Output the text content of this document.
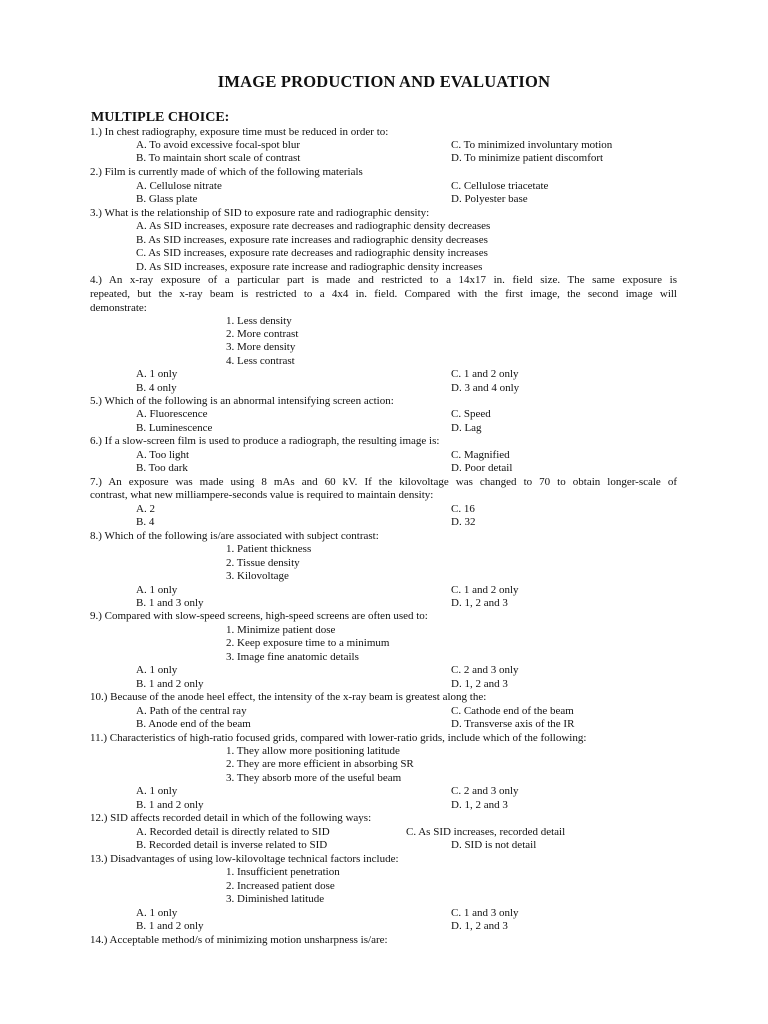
IMAGE PRODUCTION AND EVALUATION
MULTIPLE CHOICE:
1.) In chest radiography, exposure time must be reduced in order to:
A. To avoid excessive focal-spot blur	C. To minimized involuntary motion
B. To maintain short scale of contrast	D. To minimize patient discomfort
2.) Film is currently made of which of the following materials
A. Cellulose nitrate	C. Cellulose triacetate
B. Glass plate	D. Polyester base
3.) What is the relationship of SID to exposure rate and radiographic density:
A. As SID increases, exposure rate decreases and radiographic density decreases
B. As SID increases, exposure rate increases and radiographic density decreases
C. As SID increases, exposure rate decreases and radiographic density increases
D. As SID increases, exposure rate increase and radiographic density increases
4.) An x-ray exposure of a particular part is made and restricted to a 14x17 in. field size. The same exposure is
repeated, but the x-ray beam is restricted to a 4x4 in. field. Compared with the first image, the second image will
demonstrate:
1. Less density
2. More contrast
3. More density
4. Less contrast
A. 1 only	C. 1 and 2 only
B. 4 only	D. 3 and 4 only
5.) Which of the following is an abnormal intensifying screen action:
A. Fluorescence	C. Speed
B. Luminescence	D. Lag
6.) If a slow-screen film is used to produce a radiograph, the resulting image is:
A. Too light	C. Magnified
B. Too dark	D. Poor detail
7.) An exposure was made using 8 mAs and 60 kV. If the kilovoltage was changed to 70 to obtain longer-scale of
contrast, what new milliampere-seconds value is required to maintain density:
A. 2	C. 16
B. 4	D. 32
8.) Which of the following is/are associated with subject contrast:
1. Patient thickness
2. Tissue density
3. Kilovoltage
A. 1 only	C. 1 and 2 only
B. 1 and 3 only	D. 1, 2 and 3
9.) Compared with slow-speed screens, high-speed screens are often used to:
1. Minimize patient dose
2. Keep exposure time to a minimum
3. Image fine anatomic details
A. 1 only	C. 2 and 3 only
B. 1 and 2 only	D. 1, 2 and 3
10.) Because of the anode heel effect, the intensity of the x-ray beam is greatest along the:
A. Path of the central ray	C. Cathode end of the beam
B. Anode end of the beam	D. Transverse axis of the IR
11.) Characteristics of high-ratio focused grids, compared with lower-ratio grids, include which of the following:
1. They allow more positioning latitude
2. They are more efficient in absorbing SR
3. They absorb more of the useful beam
A. 1 only	C. 2 and 3 only
B. 1 and 2 only	D. 1, 2 and 3
12.) SID affects recorded detail in which of the following ways:
A. Recorded detail is directly related to SID	C. As SID increases, recorded detail
B. Recorded detail is inverse related to SID	D. SID is not detail
13.) Disadvantages of using low-kilovoltage technical factors include:
1. Insufficient penetration
2. Increased patient dose
3. Diminished latitude
A. 1 only	C. 1 and 3 only
B. 1 and 2 only	D. 1, 2 and 3
14.) Acceptable method/s of minimizing motion unsharpness is/are:
